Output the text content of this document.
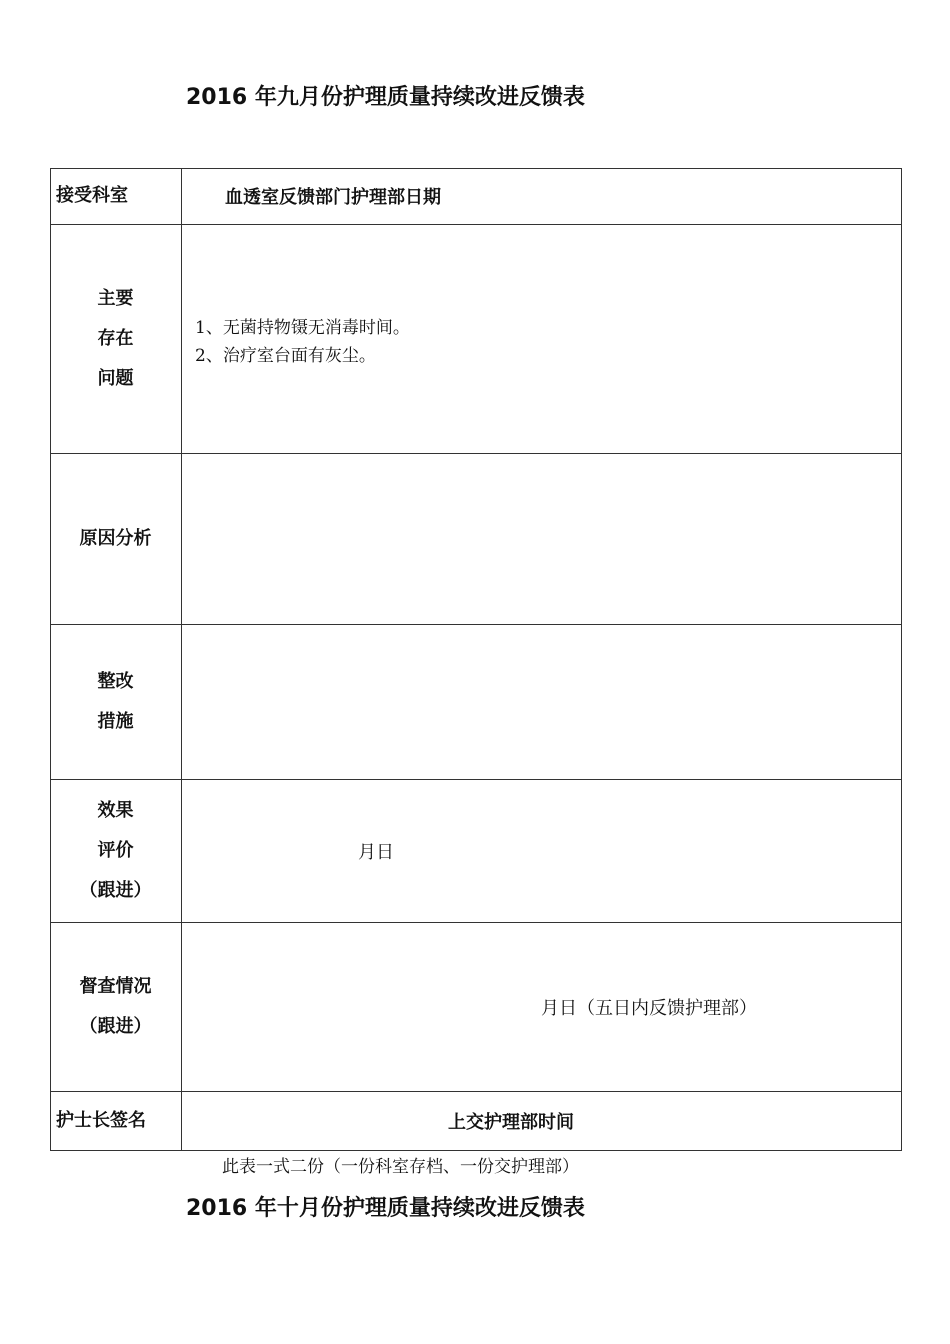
2016 年九月份护理质量持续改进反馈表
接受科室	血透室反馈部门护理部日期
主要
存在
问题
1、无菌持物镊无消毒时间。
2、治疗室台面有灰尘。
原因分析
整改
措施
效果
评价
（跟进）
月日
督查情况
（跟进）
月日（五日内反馈护理部）
护士长签名	上交护理部时间
此表一式二份（一份科室存档、一份交护理部）
2016 年十月份护理质量持续改进反馈表
